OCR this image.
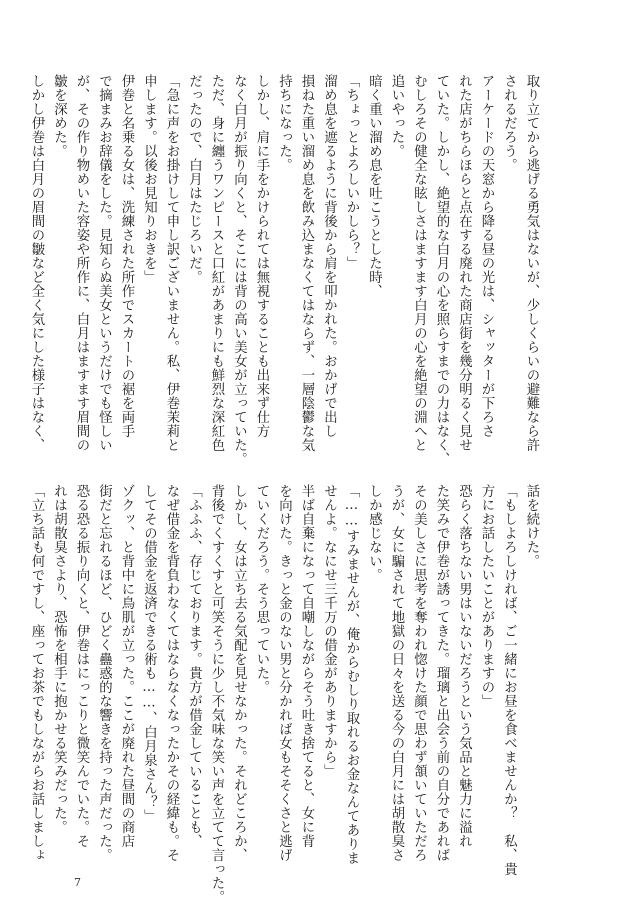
取り立てから逃げる勇気はないが、少しくらいの避難なら許
されるだろう。
アーケードの天窓から降る昼の光は、シャッターが下ろさ
れた店がちらほらと点在する廃れた商店街を幾分明るく見せ
ていた。しかし、絶望的な白月の心を照らすまでの力はなく、
むしろその健全な眩しさはますます白月の心を絶望の淵へと
追いやった。
暗く重い溜め息を吐こうとした時、
「ちょっとよろしいかしら？」
溜め息を遮るように背後から肩を叩かれた。おかげで出し
損ねた重い溜め息を飲み込まなくてはならず、一層陰鬱な気
持ちになった。
しかし、肩に手をかけられては無視することも出来ず仕方
なく白月が振り向くと、そこには背の高い美女が立っていた。
ただ、身に纏うワンピースと口紅があまりにも鮮烈な深紅色
だったので、白月はたじろいだ。
「急に声をお掛けして申し訳ございません。私、伊巻茉莉と
申します。以後お見知りおきを」
伊巻と名乗る女は、洗練された所作でスカートの裾を両手
で摘まみお辞儀をした。見知らぬ美女というだけでも怪しい
が、その作り物めいた容姿や所作に、白月はますます眉間の
皺を深めた。
しかし伊巻は白月の眉間の皺など全く気にした様子はなく、
話を続けた。
「もしよろしければ、ご一緒にお昼を食べませんか？　私、貴
方にお話したいことがありますの」
恐らく落ちない男はいないだろうという気品と魅力に溢れ
た笑みで伊巻が誘ってきた。瑠璃と出会う前の自分であれば
その美しさに思考を奪われ惚けた顔で思わず頷いていただろ
うが、女に騙されて地獄の日々を送る今の白月には胡散臭さ
しか感じない。
「……すみませんが、俺からむしり取れるお金なんてありま
せんよ。なにせ三千万の借金がありますから」
半ば自棄になって自嘲しながらそう吐き捨てると、女に背
を向けた。きっと金のない男と分かれば女もそそくさと逃げ
ていくだろう。そう思っていた。
しかし、女は立ち去る気配を見せなかった。それどころか、
背後でくすくすと可笑そうに少し不気味な笑い声を立てて言った。
「ふふふ、存じております。貴方が借金していることも、
なぜ借金を背負わなくてはならなくなったかその経緯も。そ
してその借金を返済できる術も……、白月泉さん？」
ゾクッ、と背中に鳥肌が立った。ここが廃れた昼間の商店
街だと忘れるほど、ひどく蠱惑的な響きを持った声だった。
恐る恐る振り向くと、伊巻はにっこりと微笑んでいた。そ
れは胡散臭さより、恐怖を相手に抱かせる笑みだった。
「立ち話も何ですし、座ってお茶でもしながらお話しましょ
7
